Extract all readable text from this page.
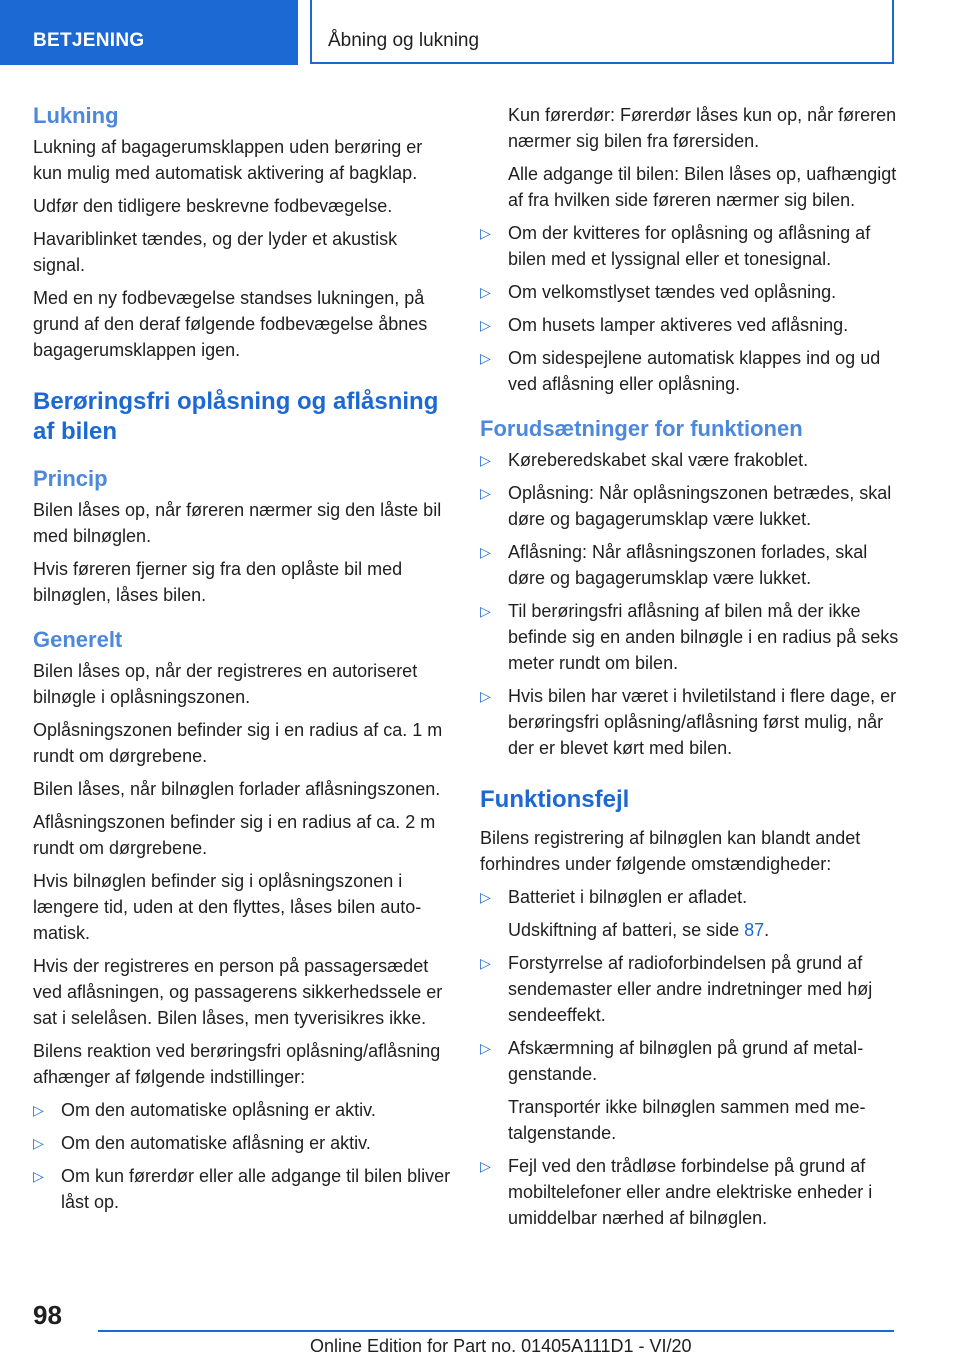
BETJENING	Åbning og lukning
Lukning

Lukning af bagagerumsklappen uden berøring er kun mulig med automatisk aktivering af bagklap.

Udfør den tidligere beskrevne fodbevægelse.

Havariblinket tændes, og der lyder et akustisk signal.

Med en ny fodbevægelse standses lukningen, på grund af den deraf følgende fodbevægelse åbnes bagagerumsklappen igen.

Berøringsfri oplåsning og aflåsning af bilen
Princip

Bilen låses op, når føreren nærmer sig den låste bil med bilnøglen.

Hvis føreren fjerner sig fra den oplåste bil med bilnøglen, låses bilen.

Generelt

Bilen låses op, når der registreres en autoriseret bilnøgle i oplåsningszonen.

Oplåsningszonen befinder sig i en radius af ca. 1 m rundt om dørgrebene.

Bilen låses, når bilnøglen forlader aflåsningszonen.

Aflåsningszonen befinder sig i en radius af ca. 2 m rundt om dørgrebene.

Hvis bilnøglen befinder sig i oplåsningszonen i længere tid, uden at den flyttes, låses bilen automatisk.

Hvis der registreres en person på passagersædet ved aflåsningen, og passagerens sikkerhedssele er sat i selelåsen. Bilen låses, men tyverisikres ikke.

Bilens reaktion ved berøringsfri oplåsning/aflåsning afhænger af følgende indstillinger:

▷ Om den automatiske oplåsning er aktiv.
▷ Om den automatiske aflåsning er aktiv.
▷ Om kun førerdør eller alle adgange til bilen bliver låst op.

Kun førerdør: Førerdør låses kun op, når føreren nærmer sig bilen fra førersiden.

Alle adgange til bilen: Bilen låses op, uafhængigt af fra hvilken side føreren nærmer sig bilen.

▷ Om der kvitteres for oplåsning og aflåsning af bilen med et lyssignal eller et tonesignal.
▷ Om velkomstlyset tændes ved oplåsning.
▷ Om husets lamper aktiveres ved aflåsning.
▷ Om sidespejlene automatisk klappes ind og ud ved aflåsning eller oplåsning.
Forudsætninger for funktionen
▷ Køreberedskabet skal være frakoblet.
▷ Oplåsning: Når oplåsningszonen betrædes, skal døre og bagagerumsklap være lukket.
▷ Aflåsning: Når aflåsningszonen forlades, skal døre og bagagerumsklap være lukket.
▷ Til berøringsfri aflåsning af bilen må der ikke befinde sig en anden bilnøgle i en radius på seks meter rundt om bilen.
▷ Hvis bilen har været i hviletilstand i flere dage, er berøringsfri oplåsning/aflåsning først mulig, når der er blevet kørt med bilen.
Funktionsfejl

Bilens registrering af bilnøglen kan blandt andet forhindres under følgende omstændigheder:

▷ Batteriet i bilnøglen er afladet.

Udskiftning af batteri, se side 87.

▷ Forstyrrelse af radioforbindelsen på grund af sendemaster eller andre indretninger med høj sendeeffekt.
▷ Afskærmning af bilnøglen på grund af metalgenstande.

Transportér ikke bilnøglen sammen med metalgenstande.

▷ Fejl ved den trådløse forbindelse på grund af mobiltelefoner eller andre elektriske enheder i umiddelbar nærhed af bilnøglen.
98
Online Edition for Part no. 01405A111D1 - VI/20
